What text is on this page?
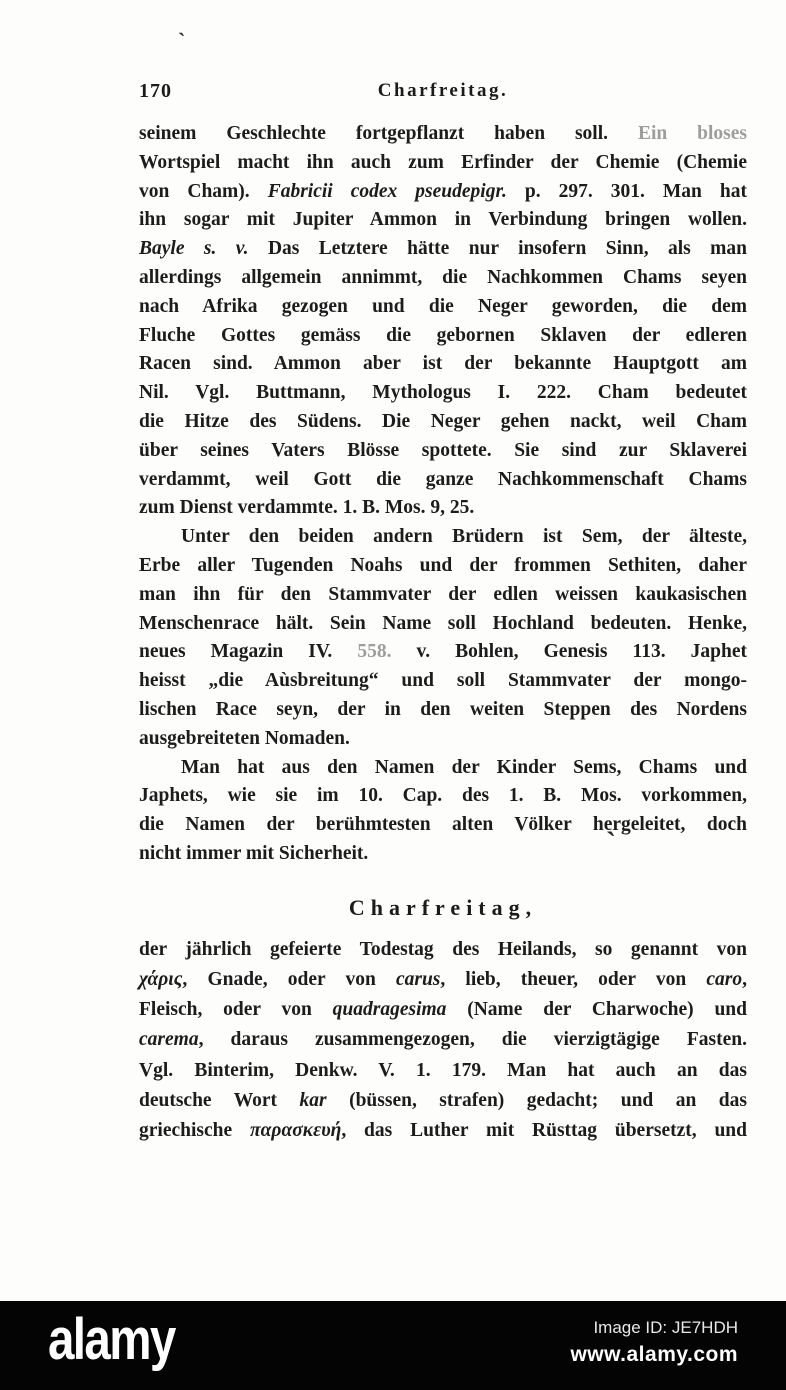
Charfreitag.
170
seinem Geschlechte fortgepflanzt haben soll. Ein bloses
Wortspiel macht ihn auch zum Erfinder der Chemie (Chemie
von Cham). Fabricii codex pseudepigr. p. 297. 301. Man hat
ihn sogar mit Jupiter Ammon in Verbindung bringen wollen.
Bayle s. v. Das Letztere hätte nur insofern Sinn, als man
allerdings allgemein annimmt, die Nachkommen Chams seyen
nach Afrika gezogen und die Neger geworden, die dem
Fluche Gottes gemäss die gebornen Sklaven der edleren
Racen sind. Ammon aber ist der bekannte Hauptgott am
Nil. Vgl. Buttmann, Mythologus I. 222. Cham bedeutet
die Hitze des Südens. Die Neger gehen nackt, weil Cham
über seines Vaters Blösse spottete. Sie sind zur Sklaverei
verdammt, weil Gott die ganze Nachkommenschaft Chams
zum Dienst verdammte. 1. B. Mos. 9, 25.
Unter den beiden andern Brüdern ist Sem, der älteste,
Erbe aller Tugenden Noahs und der frommen Sethiten, daher
man ihn für den Stammvater der edlen weissen kaukasischen
Menschenrace hält. Sein Name soll Hochland bedeuten. Henke,
neues Magazin IV. 558. v. Bohlen, Genesis 113. Japhet
heisst „die Aùsbreitung“ und soll Stammvater der mongo-
lischen Race seyn, der in den weiten Steppen des Nordens
ausgebreiteten Nomaden.
Man hat aus den Namen der Kinder Sems, Chams und
Japhets, wie sie im 10. Cap. des 1. B. Mos. vorkommen,
die Namen der berühmtesten alten Völker hergeleitet, doch
nicht immer mit Sicherheit.
Charfreitag,
der jährlich gefeierte Todestag des Heilands, so genannt von
χάρις, Gnade, oder von carus, lieb, theuer, oder von caro,
Fleisch, oder von quadragesima (Name der Charwoche) und
carema, daraus zusammengezogen, die vierzigtägige Fasten.
Vgl. Binterim, Denkw. V. 1. 179. Man hat auch an das
deutsche Wort kar (büssen, strafen) gedacht; und an das
griechische παρασκευή, das Luther mit Rüsttag übersetzt, und
ˋ
ˋ
alamy	Image ID: JE7HDH
www.alamy.com
